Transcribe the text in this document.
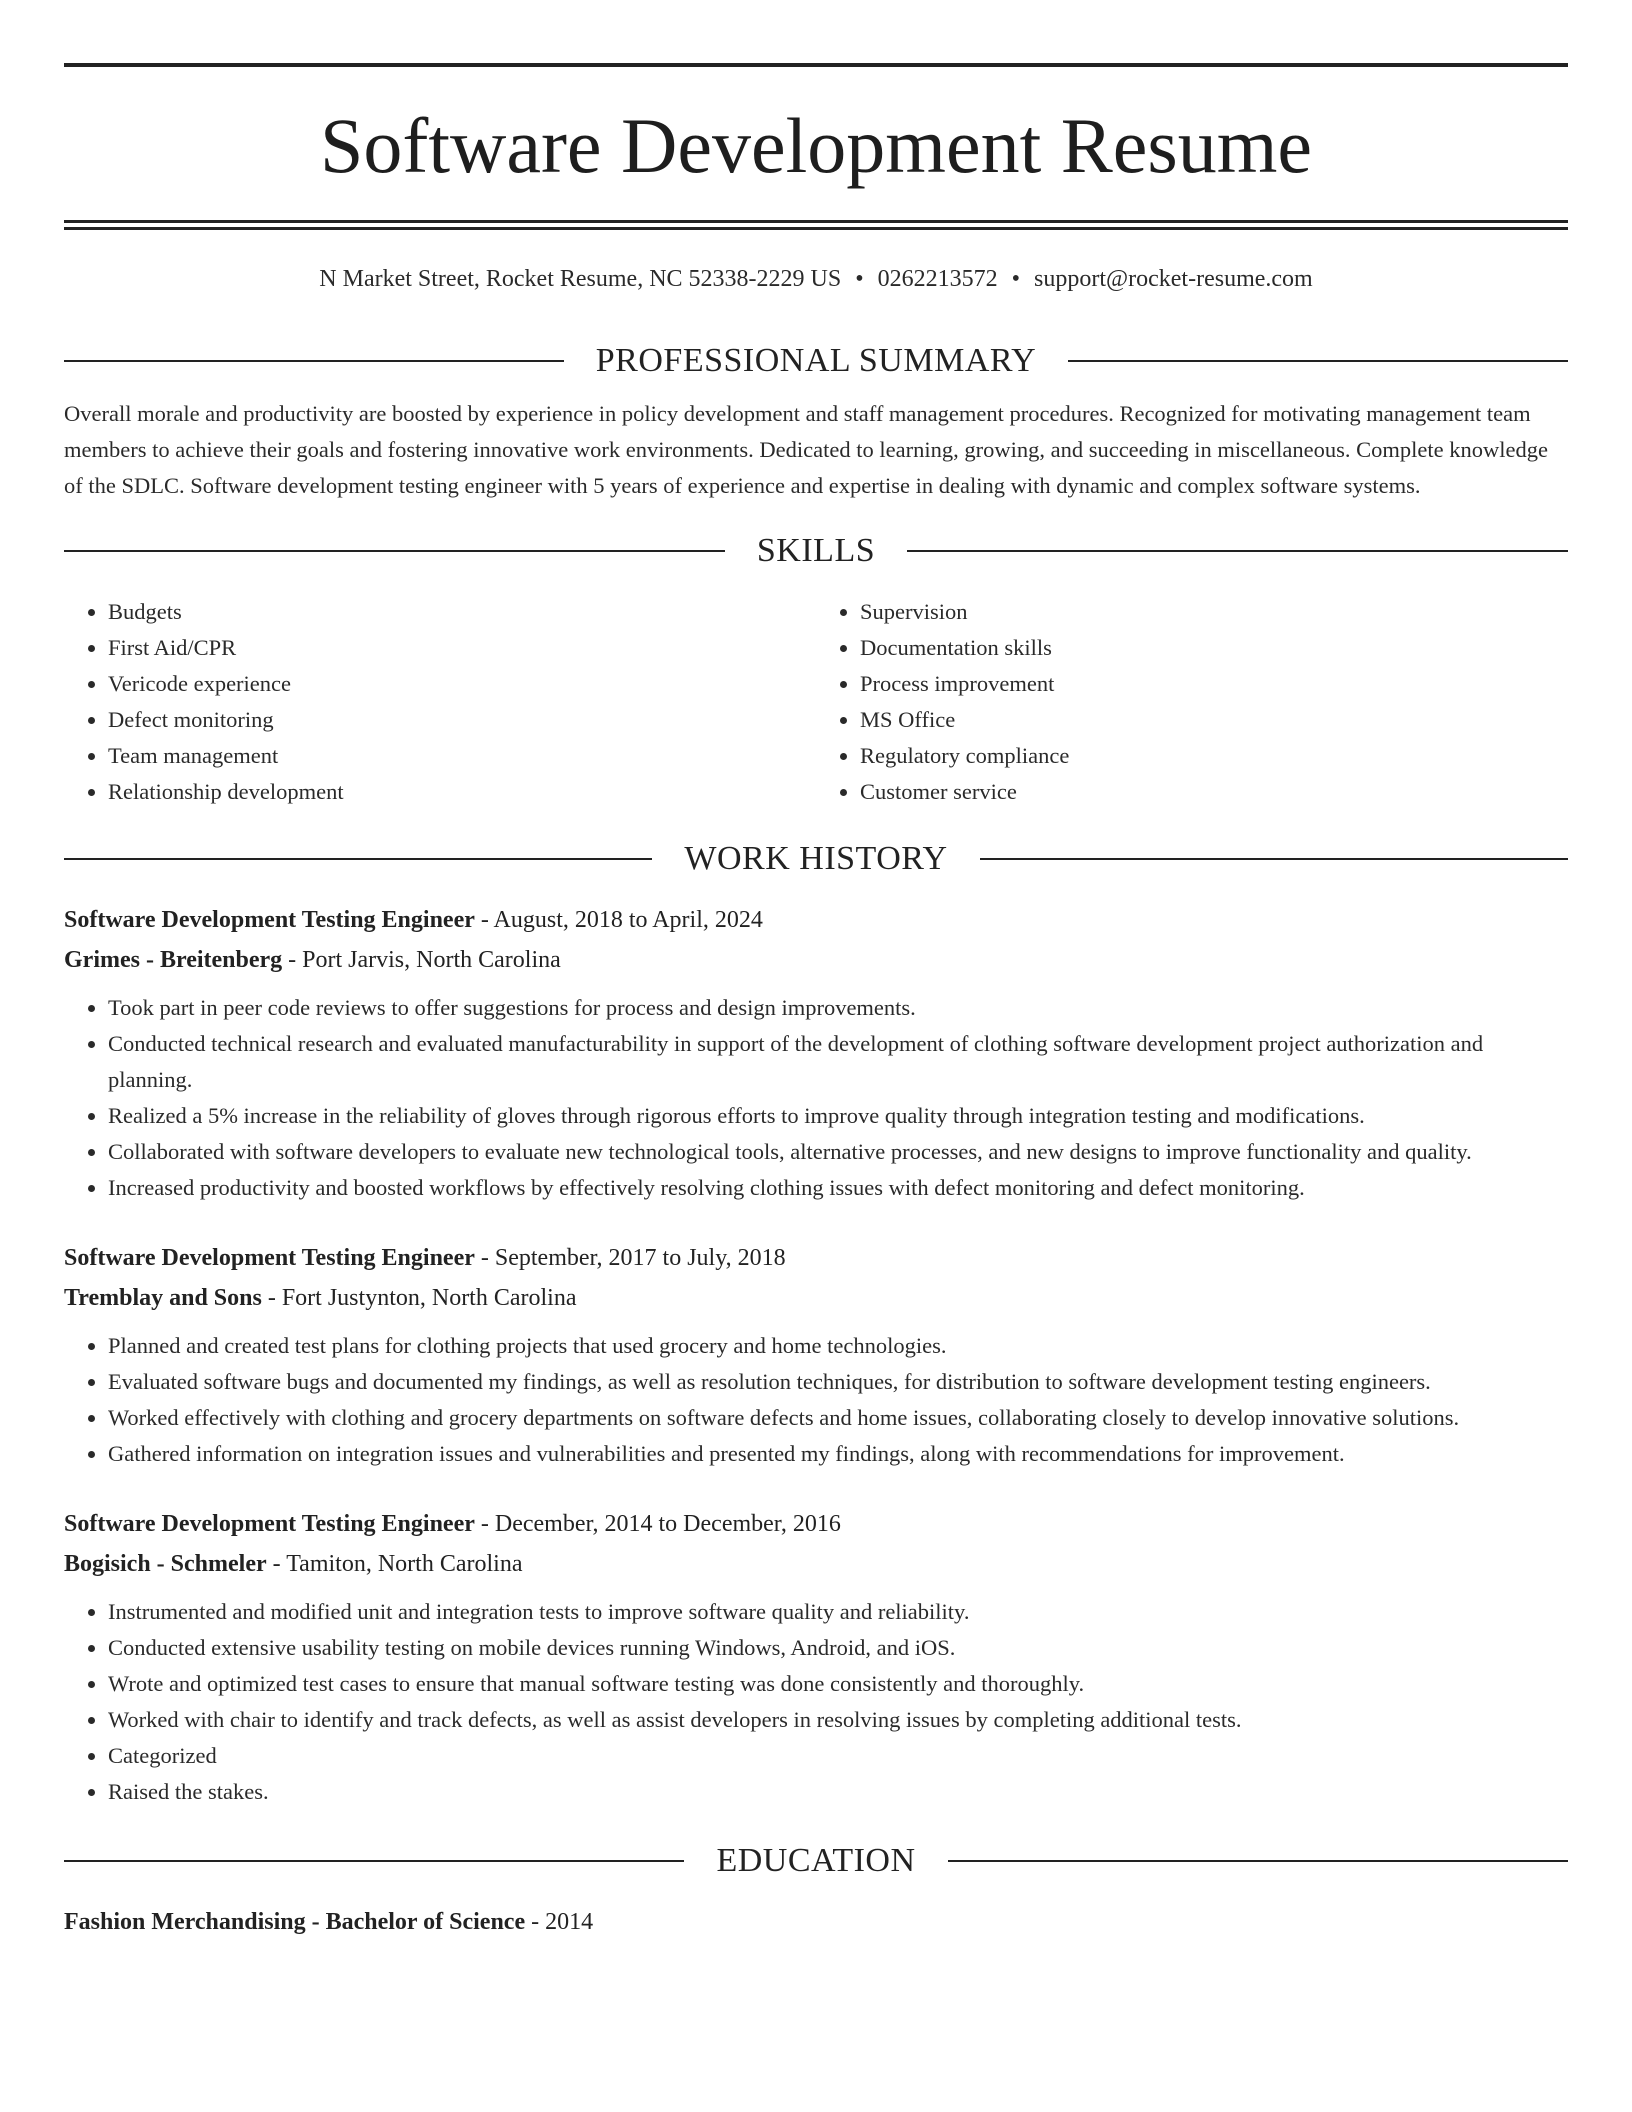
Software Development Resume
N Market Street, Rocket Resume, NC 52338-2229 US • 0262213572 • support@rocket-resume.com
PROFESSIONAL SUMMARY
Overall morale and productivity are boosted by experience in policy development and staff management procedures. Recognized for motivating management team members to achieve their goals and fostering innovative work environments. Dedicated to learning, growing, and succeeding in miscellaneous. Complete knowledge of the SDLC. Software development testing engineer with 5 years of experience and expertise in dealing with dynamic and complex software systems.
SKILLS
• Budgets
• First Aid/CPR
• Vericode experience
• Defect monitoring
• Team management
• Relationship development
• Supervision
• Documentation skills
• Process improvement
• MS Office
• Regulatory compliance
• Customer service
WORK HISTORY
Software Development Testing Engineer - August, 2018 to April, 2024
Grimes - Breitenberg - Port Jarvis, North Carolina
• Took part in peer code reviews to offer suggestions for process and design improvements.
• Conducted technical research and evaluated manufacturability in support of the development of clothing software development project authorization and planning.
• Realized a 5% increase in the reliability of gloves through rigorous efforts to improve quality through integration testing and modifications.
• Collaborated with software developers to evaluate new technological tools, alternative processes, and new designs to improve functionality and quality.
• Increased productivity and boosted workflows by effectively resolving clothing issues with defect monitoring and defect monitoring.
Software Development Testing Engineer - September, 2017 to July, 2018
Tremblay and Sons - Fort Justynton, North Carolina
• Planned and created test plans for clothing projects that used grocery and home technologies.
• Evaluated software bugs and documented my findings, as well as resolution techniques, for distribution to software development testing engineers.
• Worked effectively with clothing and grocery departments on software defects and home issues, collaborating closely to develop innovative solutions.
• Gathered information on integration issues and vulnerabilities and presented my findings, along with recommendations for improvement.
Software Development Testing Engineer - December, 2014 to December, 2016
Bogisich - Schmeler - Tamiton, North Carolina
• Instrumented and modified unit and integration tests to improve software quality and reliability.
• Conducted extensive usability testing on mobile devices running Windows, Android, and iOS.
• Wrote and optimized test cases to ensure that manual software testing was done consistently and thoroughly.
• Worked with chair to identify and track defects, as well as assist developers in resolving issues by completing additional tests.
• Categorized
• Raised the stakes.
EDUCATION
Fashion Merchandising - Bachelor of Science - 2014
